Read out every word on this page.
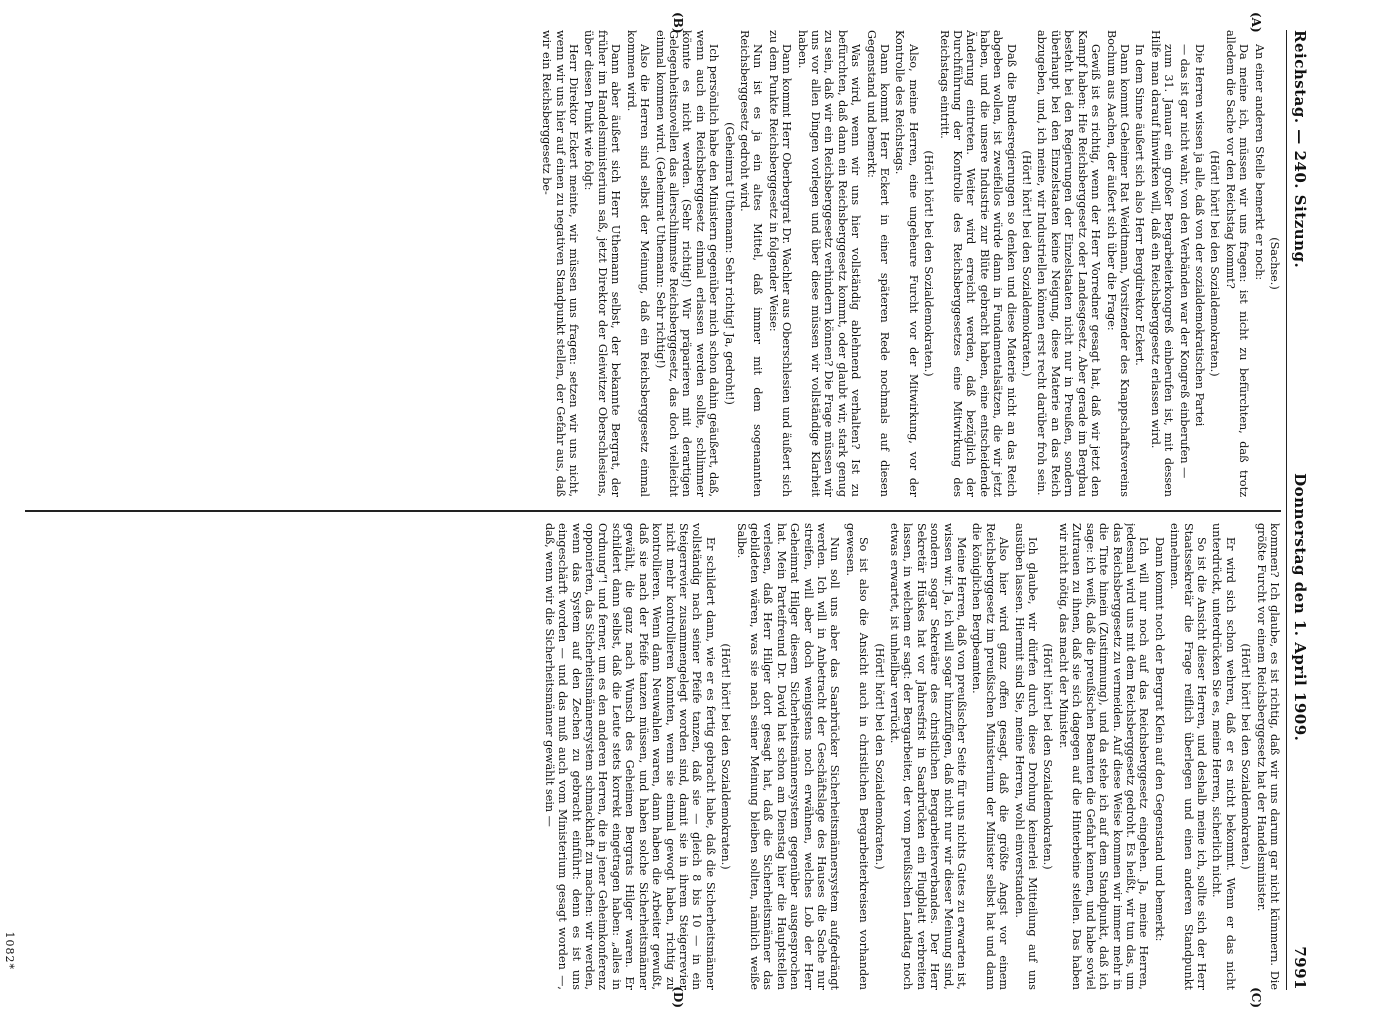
Reichstag. — 240. Sitzung.
Donnerstag den 1. April 1909.
7991

(Sachse.)

An einer anderen Stelle bemerkt er noch:

Da meine ich, müssen wir uns fragen: ist nicht zu befürchten, daß trotz alledem die Sache vor den Reichstag kommt?

(Hört! hört! bei den Sozialdemokraten.)

Die Herren wissen ja alle, daß von der sozialdemokratischen Partei

— das ist gar nicht wahr, von den Verbänden war der Kongreß einberufen —

zum 31. Januar ein großer Bergarbeiterkongreß einberufen ist, mit dessen Hilfe man darauf hinwirken will, daß ein Reichsberggesetz erlassen wird.

In dem Sinne äußert sich also Herr Bergdirektor Eckert.

Dann kommt Geheimer Rat Weidtmann, Vorsitzender des Knappschaftsvereins Bochum aus Aachen, der äußert sich über die Frage:

Gewiß ist es richtig, wenn der Herr Vorredner gesagt hat, daß wir jetzt den Kampf haben: Hie Reichsberggesetz oder Landesgesetz. Aber gerade im Bergbau besteht bei den Regierungen der Einzelstaaten nicht nur in Preußen, sondern überhaupt bei den Einzelstaaten keine Neigung, diese Materie an das Reich abzugeben, und, ich meine, wir Industriellen können erst recht darüber froh sein.

(Hört! hört! bei den Sozialdemokraten.)

Daß die Bundesregierungen so denken und diese Materie nicht an das Reich abgeben wollen, ist zweifellos würde dann in Fundamentalsätzen, die wir jetzt haben, und die unsere Industrie zur Blüte gebracht haben, eine entscheidende Änderung eintreten. Weiter wird erreicht werden, daß bezüglich der Durchführung der Kontrolle des Reichsberggesetzes eine Mitwirkung des Reichstags eintritt.

(Hört! hört! bei den Sozialdemokraten.)

Also, meine Herren, eine ungeheure Furcht vor der Mitwirkung, vor der Kontrolle des Reichstags.

Dann kommt Herr Eckert in einer späteren Rede nochmals auf diesen Gegenstand und bemerkt:

Was wird, wenn wir uns hier vollständig ablehnend verhalten? Ist zu befürchten, daß dann ein Reichsberggesetz kommt, oder glaubt wir, stark genug zu sein, daß wir ein Reichsberggesetz verhindern können? Die Frage müssen wir uns vor allen Dingen vorlegen und über diese müssen wir vollständige Klarheit haben.

Dann kommt Herr Oberbergrat Dr. Wachler aus Oberschlesien und äußert sich zu dem Punkte Reichsberggesetz in folgender Weise:

Nun ist es ja ein altes Mittel, daß immer mit dem sogenannten Reichsberggesetz gedroht wird.

(Geheimrat Uthemann: Sehr richtig! Ja, gedroht!)

Ich persönlich habe den Ministern gegenüber mich schon dahin geäußert, daß, wenn auch ein Reichsberggesetz einmal erlassen werden sollte, schlimmer könnte es nicht werden. (Sehr richtig!) Wir präparieren mit derartigen Gelegenheitsnovellen das allerschlimmste Reichsberggesetz, das doch vielleicht einmal kommen wird. (Geheimrat Uthemann: Sehr richtig!)

Also die Herren sind selbst der Meinung, daß ein Reichsberggesetz einmal kommen wird.

Dann aber äußert sich Herr Uthemann selbst, der bekannte Bergrat, der früher im Handelsministerium saß, jetzt Direktor der Gleiwitzer Oberschlesiens, über diesen Punkt wie folgt:

Herr Direktor Eckert meinte, wir müssen uns fragen: setzen wir uns nicht, wenn wir uns hier auf einen zu negativen Standpunkt stellen, der Gefahr aus, daß wir ein Reichsberggesetz be-

kommen? Ich glaube, es ist richtig, daß wir uns darum gar nicht kümmern. Die größte Furcht vor einem Reichsberggesetz hat der Handelsminister.

(Hört! hört! bei den Sozialdemokraten.)

Er wird sich schon wehren, daß er es nicht bekommt. Wenn er das nicht unterdrückt, unterdrücken Sie es, meine Herren, sicherlich nicht.

So ist die Ansicht dieser Herren, und deshalb meine ich, sollte sich der Herr Staatssekretär die Frage reiflich überlegen und einen anderen Standpunkt einnehmen.

Dann kommt noch der Bergrat Klein auf den Gegenstand und bemerkt:

Ich will nur noch auf das Reichsberggesetz eingehen. Ja, meine Herren, jedesmal wird uns mit dem Reichsberggesetz gedroht. Es heißt, wir tun das, um das Reichsberggesetz zu vermeiden. Auf diese Weise kommen wir immer mehr in die Tinte hinein (Zustimmung), und da stehe ich auf dem Standpunkt, daß ich sage: ich weiß, daß die preußischen Beamten die Gefahr kennen, und habe soviel Zutrauen zu ihnen, daß sie sich dagegen auf die Hinterbeine stellen. Das haben wir nicht nötig, das macht der Minister.

(Hört! hört! bei den Sozialdemokraten.)

Ich glaube, wir dürfen durch diese Drohung keinerlei Mitteilung auf uns ausüben lassen. Hiermit sind Sie, meine Herren, wohl einverstanden.

Also hier wird ganz offen gesagt, daß die größte Angst vor einem Reichsberggesetz im preußischen Ministerium der Minister selbst hat und dann die königlichen Bergbeamten.

Meine Herren, daß von preußischer Seite für uns nichts Gutes zu erwarten ist, wissen wir. Ja, ich will sogar hinzufügen, daß nicht nur wir dieser Meinung sind, sondern sogar Sekretäre des christlichen Bergarbeiterverbandes. Der Herr Sekretär Hüskes hat vor Jahresfrist in Saarbrücken ein Flugblatt verbreiten lassen, in welchem er sagt: der Bergarbeiter, der vom preußischen Landtag noch etwas erwartet, ist unheilbar verrückt.

(Hört! hört! bei den Sozialdemokraten.)

So ist also die Ansicht auch in christlichen Bergarbeiterkreisen vorhanden gewesen.

Nun soll uns aber das Saarbrücker Sicherheitsmännersystem aufgedrängt werden. Ich will in Anbetracht der Geschäftslage des Hauses die Sache nur streifen, will aber doch wenigstens noch erwähnen, welches Lob der Herr Geheimrat Hilger diesem Sicherheitsmännersystem gegenüber ausgesprochen hat. Mein Parteifreund Dr. David hat schon am Dienstag hier die Hauptstellen verlesen, daß Herr Hilger dort gesagt hat, daß die Sicherheitsmänner das gebildeten wären, was sie nach seiner Meinung bleiben sollten, nämlich weiße Salbe.

(Hört! hört! bei den Sozialdemokraten.)

Er schildert dann, wie er es fertig gebracht habe, daß die Sicherheitsmänner vollständig nach seiner Pfeife tanzen, daß sie — gleich 8 bis 10 — in ein Steigerrevier zusammengelegt worden sind, damit sie in ihrem Steigerrevier nicht mehr kontrollieren konnten, wenn sie einmal gewogt haben, richtig zu kontrollieren. Wenn dann Neuwahlen waren, dann haben die Arbeiter gewußt, daß sie nach der Pfeife tanzen müssen, und haben solche Sicherheitsmänner gewählt, die ganz nach Wunsch des Geheimen Bergrats Hilger waren. Er schildert dann selbst, daß die Leute stets korrekt eingetragen haben: „alles in Ordnung“! und ferner, um es den anderen Herren, die in jener Geheimkonferenz opponierten, das Sicherheitsmännersystem schmackhaft zu machen: wir werden, wenn das System auf den Zechen zu gebracht einführt: denn es ist uns eingeschärft worden — und das muß auch vom Ministerium gesagt worden —, daß, wenn wir die Sicherheitsmänner gewählt sein —

(A)
(B)
(C)
(D)
1082*
